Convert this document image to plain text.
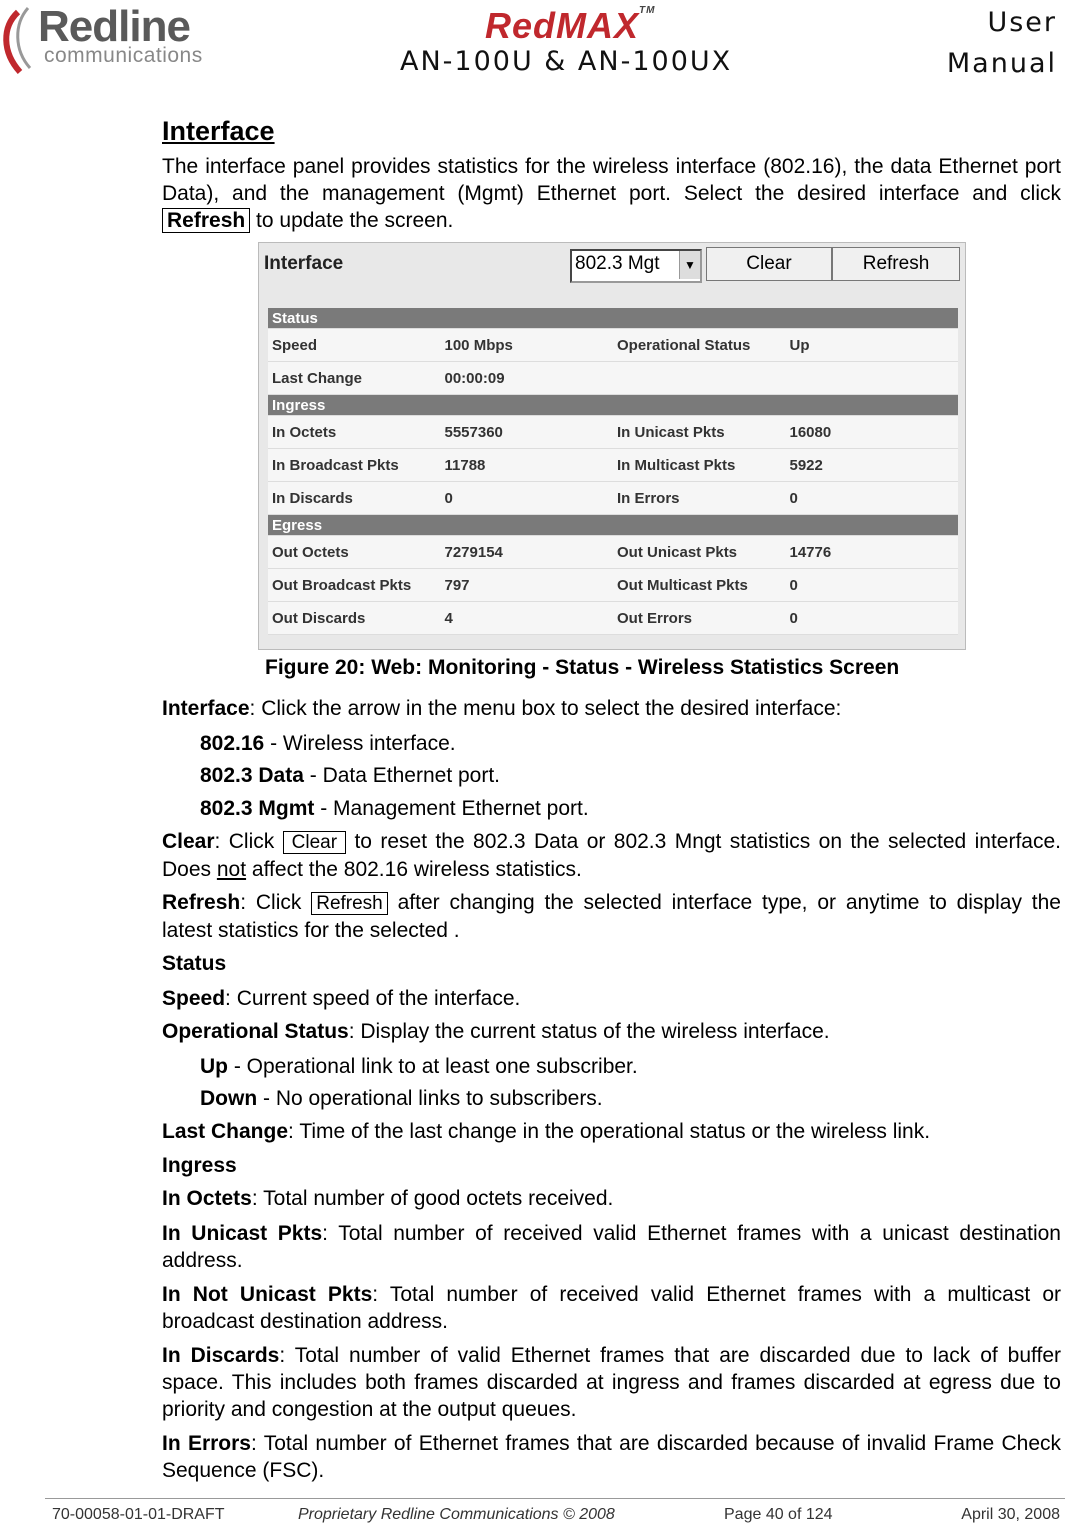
Redline
communications
RedMAX™
AN-100U & AN-100UX
User
Manual
Interface

The interface panel provides statistics for the wireless interface (802.16), the data Ethernet port Data), and the management (Mgmt) Ethernet port. Select the desired interface and click Refresh to update the screen.

Interface	802.3 Mgt	▼	Clear	Refresh
Status			
Speed	100 Mbps	Operational Status	Up
Last Change	00:00:09		
Ingress			
In Octets	5557360	In Unicast Pkts	16080
In Broadcast Pkts	11788	In Multicast Pkts	5922
In Discards	0	In Errors	0
Egress			
Out Octets	7279154	Out Unicast Pkts	14776
Out Broadcast Pkts	797	Out Multicast Pkts	0
Out Discards	4	Out Errors	0
Figure 20: Web: Monitoring - Status - Wireless Statistics Screen

Interface: Click the arrow in the menu box to select the desired interface:

802.16 - Wireless interface.

802.3 Data - Data Ethernet port.

802.3 Mgmt - Management Ethernet port.

Clear: Click Clear to reset the 802.3 Data or 802.3 Mngt statistics on the selected interface. Does not affect the 802.16 wireless statistics.

Refresh: Click Refresh after changing the selected interface type, or anytime to display the latest statistics for the selected .

Status

Speed: Current speed of the interface.

Operational Status: Display the current status of the wireless interface.

Up - Operational link to at least one subscriber.

Down - No operational links to subscribers.

Last Change: Time of the last change in the operational status or the wireless link.

Ingress

In Octets: Total number of good octets received.

In Unicast Pkts: Total number of received valid Ethernet frames with a unicast destination address.

In Not Unicast Pkts: Total number of received valid Ethernet frames with a multicast or broadcast destination address.

In Discards: Total number of valid Ethernet frames that are discarded due to lack of buffer space. This includes both frames discarded at ingress and frames discarded at egress due to priority and congestion at the output queues.

In Errors: Total number of Ethernet frames that are discarded because of invalid Frame Check Sequence (FSC).

70-00058-01-01-DRAFT	Proprietary Redline Communications © 2008	Page 40 of 124	April 30, 2008
